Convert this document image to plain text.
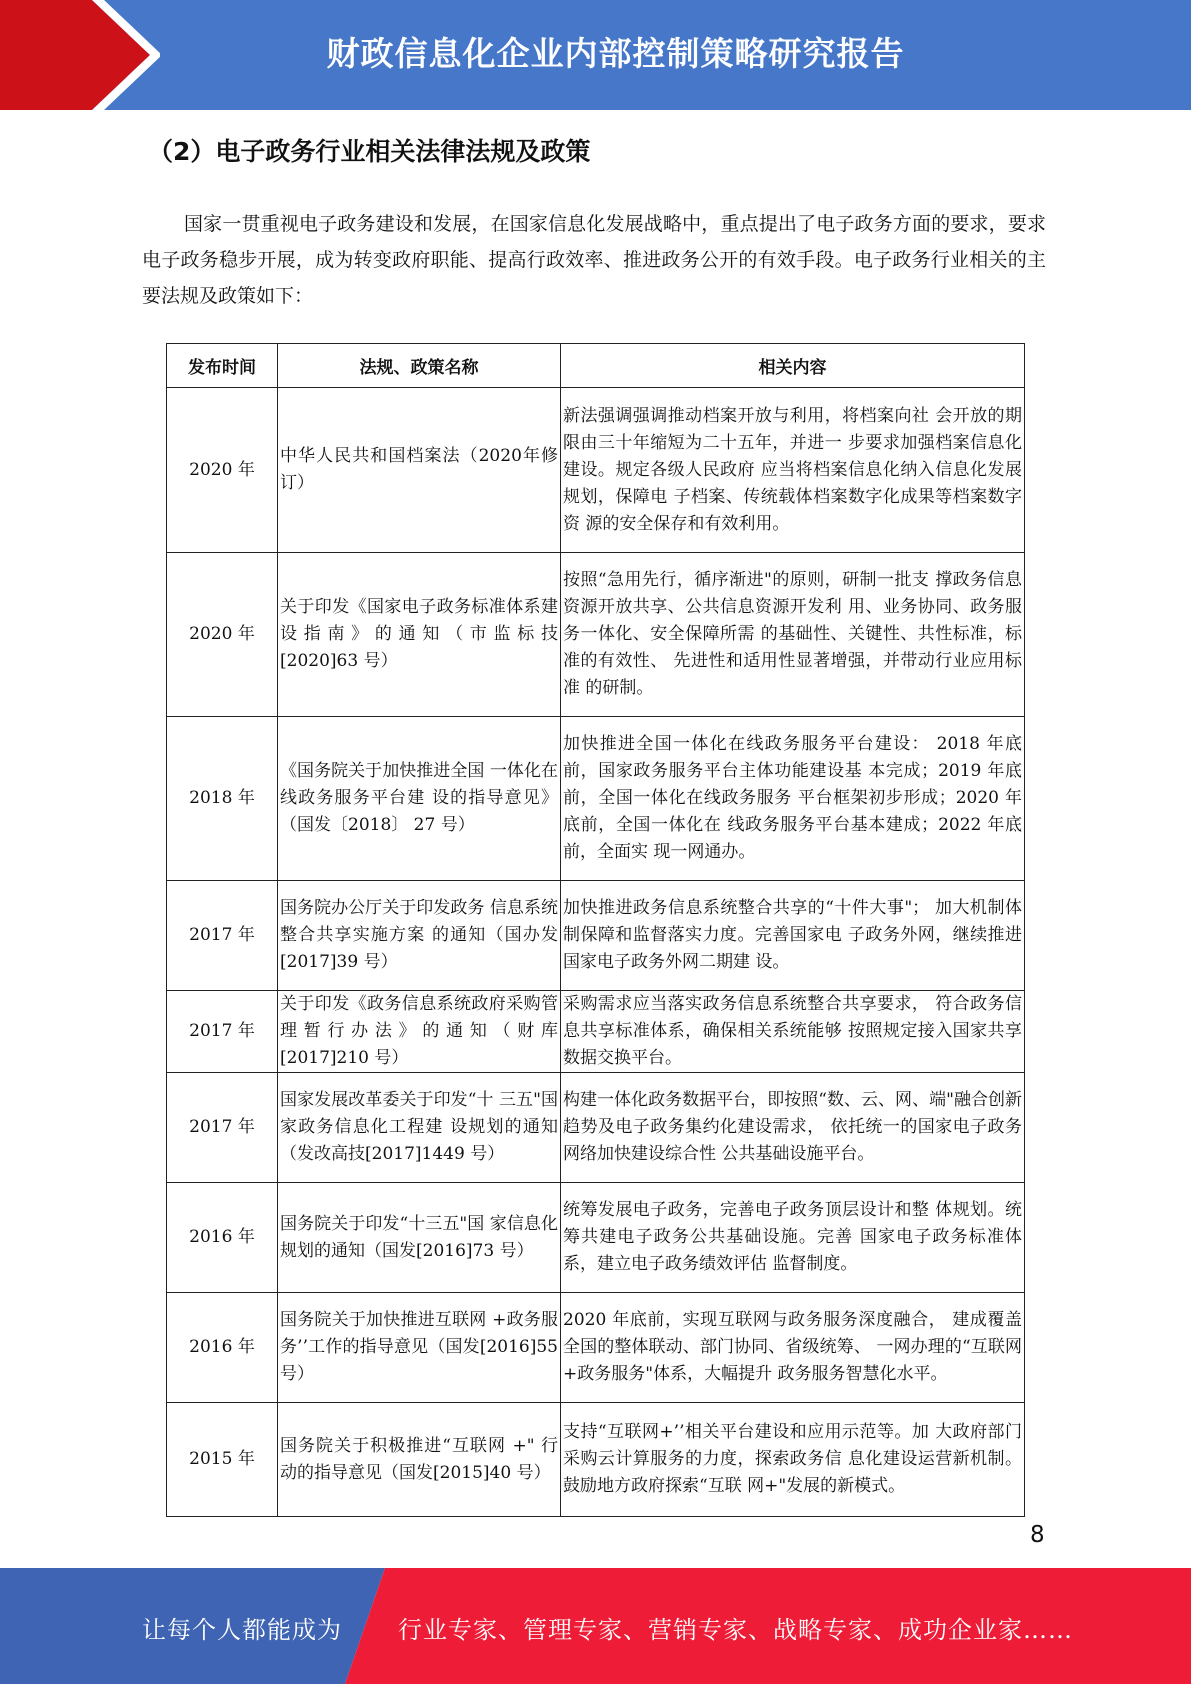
财政信息化企业内部控制策略研究报告
（2）电子政务行业相关法律法规及政策

国家一贯重视电子政务建设和发展，在国家信息化发展战略中，重点提出了电子政务方面的要求，要求电子政务稳步开展，成为转变政府职能、提高行政效率、推进政务公开的有效手段。电子政务行业相关的主要法规及政策如下：

发布时间	法规、政策名称	相关内容
2020 年	中华人民共和国档案法（2020年修订）	新法强调强调推动档案开放与利用，将档案向社 会开放的期限由三十年缩短为二十五年，并进一 步要求加强档案信息化建设。规定各级人民政府 应当将档案信息化纳入信息化发展规划，保障电 子档案、传统载体档案数字化成果等档案数字资 源的安全保存和有效利用。
2020 年	关于印发《国家电子政务标准体系建设指南》的通知（市监标技[2020]63 号）	按照“急用先行，循序渐进"的原则，研制一批支 撑政务信息资源开放共享、公共信息资源开发利 用、业务协同、政务服务一体化、安全保障所需 的基础性、关键性、共性标准，标准的有效性、 先进性和适用性显著增强，并带动行业应用标准 的研制。
2018 年	《国务院关于加快推进全国 一体化在线政务服务平台建 设的指导意见》（国发〔2018〕 27 号）	加快推进全国一体化在线政务服务平台建设： 2018 年底前，国家政务服务平台主体功能建设基 本完成；2019 年底前，全国一体化在线政务服务 平台框架初步形成；2020 年底前，全国一体化在 线政务服务平台基本建成；2022 年底前，全面实 现一网通办。
2017 年	国务院办公厅关于印发政务 信息系统整合共享实施方案 的通知（国办发[2017]39 号）	加快推进政务信息系统整合共享的“十件大事"； 加大机制体制保障和监督落实力度。完善国家电 子政务外网，继续推进国家电子政务外网二期建 设。
2017 年	关于印发《政务信息系统政府采购管理暂行办法》的通知（财库[2017]210 号）	采购需求应当落实政务信息系统整合共享要求， 符合政务信息共享标准体系，确保相关系统能够 按照规定接入国家共享数据交换平台。
2017 年	国家发展改革委关于印发“十 三五"国家政务信息化工程建 设规划的通知（发改高技[2017]1449 号）	构建一体化政务数据平台，即按照“数、云、网、端"融合创新趋势及电子政务集约化建设需求， 依托统一的国家电子政务网络加快建设综合性 公共基础设施平台。
2016 年	国务院关于印发“十三五"国 家信息化规划的通知（国发[2016]73 号）	统筹发展电子政务，完善电子政务顶层设计和整 体规划。统筹共建电子政务公共基础设施。完善 国家电子政务标准体系，建立电子政务绩效评估 监督制度。
2016 年	国务院关于加快推进互联网 +政务服务’’工作的指导意见（国发[2016]55 号）	2020 年底前，实现互联网与政务服务深度融合， 建成覆盖全国的整体联动、部门协同、省级统筹、 一网办理的“互联网+政务服务"体系，大幅提升 政务服务智慧化水平。
2015 年	国务院关于积极推进“互联网 +" 行动的指导意见（国发[2015]40 号）	支持“互联网+’’相关平台建设和应用示范等。加 大政府部门采购云计算服务的力度，探索政务信 息化建设运营新机制。鼓励地方政府探索“互联 网+"发展的新模式。
8
让每个人都能成为 行业专家、管理专家、营销专家、战略专家、成功企业家……
